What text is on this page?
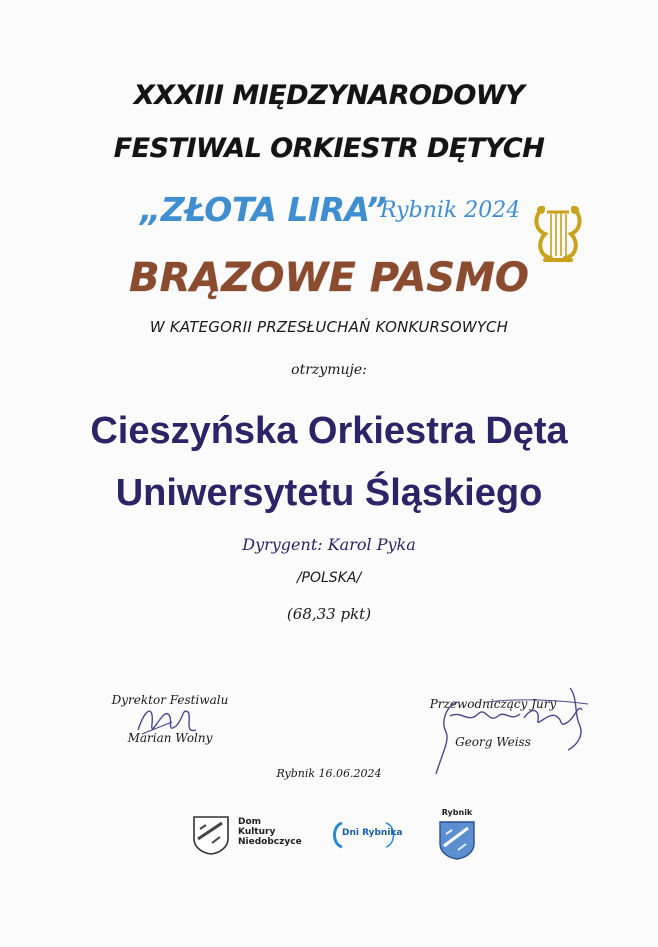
XXXIII MIĘDZYNARODOWY
FESTIWAL ORKIESTR DĘTYCH
„ZŁOTA LIRA”
Rybnik 2024
BRĄZOWE PASMO
W KATEGORII PRZESŁUCHAŃ KONKURSOWYCH
otrzymuje:
Cieszyńska Orkiestra Dęta
Uniwersytetu Śląskiego
Dyrygent: Karol Pyka
/POLSKA/
(68,33 pkt)
Dyrektor Festiwalu
Marian Wolny
Przewodniczący Jury
Georg Weiss
Rybnik 16.06.2024
Dom
Kultury
Niedobczyce
Dni Rybnika
Rybnik
